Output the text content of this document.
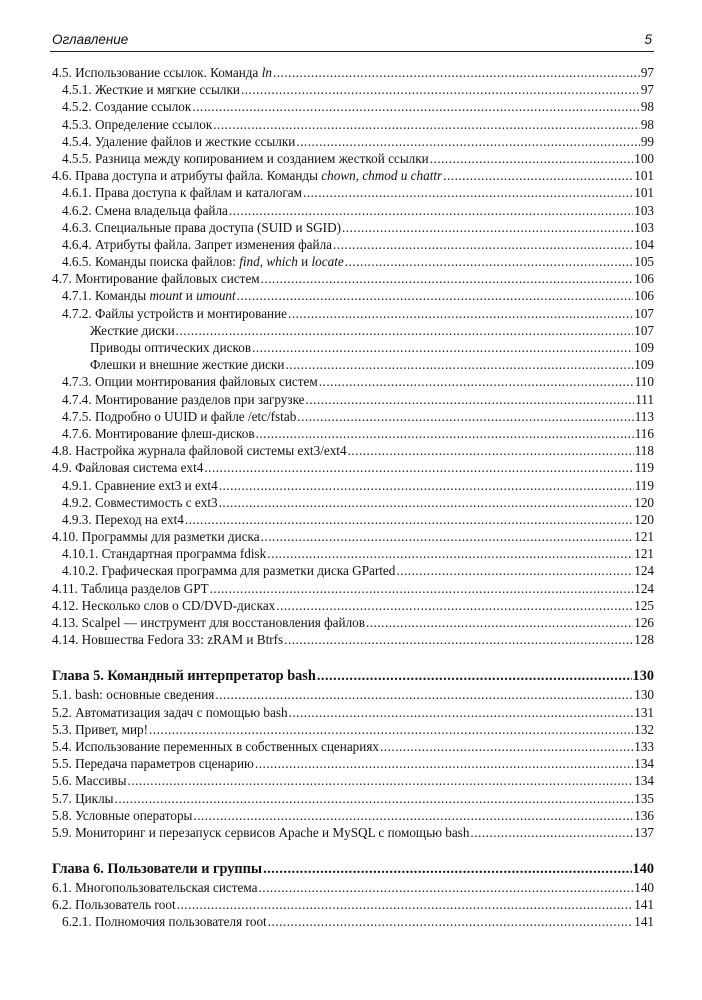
Оглавление	5
4.5. Использование ссылок. Команда ln .....	97
4.5.1. Жесткие и мягкие ссылки .....	97
4.5.2. Создание ссылок .....	98
4.5.3. Определение ссылок .....	98
4.5.4. Удаление файлов и жесткие ссылки .....	99
4.5.5. Разница между копированием и созданием жесткой ссылки .....	100
4.6. Права доступа и атрибуты файла. Команды chown, chmod и chattr .....	101
4.6.1. Права доступа к файлам и каталогам .....	101
4.6.2. Смена владельца файла .....	103
4.6.3. Специальные права доступа (SUID и SGID) .....	103
4.6.4. Атрибуты файла. Запрет изменения файла .....	104
4.6.5. Команды поиска файлов: find, which и locate .....	105
4.7. Монтирование файловых систем .....	106
4.7.1. Команды mount и umount .....	106
4.7.2. Файлы устройств и монтирование .....	107
Жесткие диски .....	107
Приводы оптических дисков .....	109
Флешки и внешние жесткие диски .....	109
4.7.3. Опции монтирования файловых систем .....	110
4.7.4. Монтирование разделов при загрузке .....	111
4.7.5. Подробно о UUID и файле /etc/fstab .....	113
4.7.6. Монтирование флеш-дисков .....	116
4.8. Настройка журнала файловой системы ext3/ext4 .....	118
4.9. Файловая система ext4 .....	119
4.9.1. Сравнение ext3 и ext4 .....	119
4.9.2. Совместимость с ext3 .....	120
4.9.3. Переход на ext4 .....	120
4.10. Программы для разметки диска .....	121
4.10.1. Стандартная программа fdisk .....	121
4.10.2. Графическая программа для разметки диска GParted .....	124
4.11. Таблица разделов GPT .....	124
4.12. Несколько слов о CD/DVD-дисках .....	125
4.13. Scalpel — инструмент для восстановления файлов .....	126
4.14. Новшества Fedora 33: zRAM и Btrfs .....	128
Глава 5. Командный интерпретатор bash .....	130
5.1. bash: основные сведения .....	130
5.2. Автоматизация задач с помощью bash .....	131
5.3. Привет, мир! .....	132
5.4. Использование переменных в собственных сценариях .....	133
5.5. Передача параметров сценарию .....	134
5.6. Массивы .....	134
5.7. Циклы .....	135
5.8. Условные операторы .....	136
5.9. Мониторинг и перезапуск сервисов Apache и MySQL с помощью bash .....	137
Глава 6. Пользователи и группы .....	140
6.1. Многопользовательская система .....	140
6.2. Пользователь root .....	141
6.2.1. Полномочия пользователя root .....	141
